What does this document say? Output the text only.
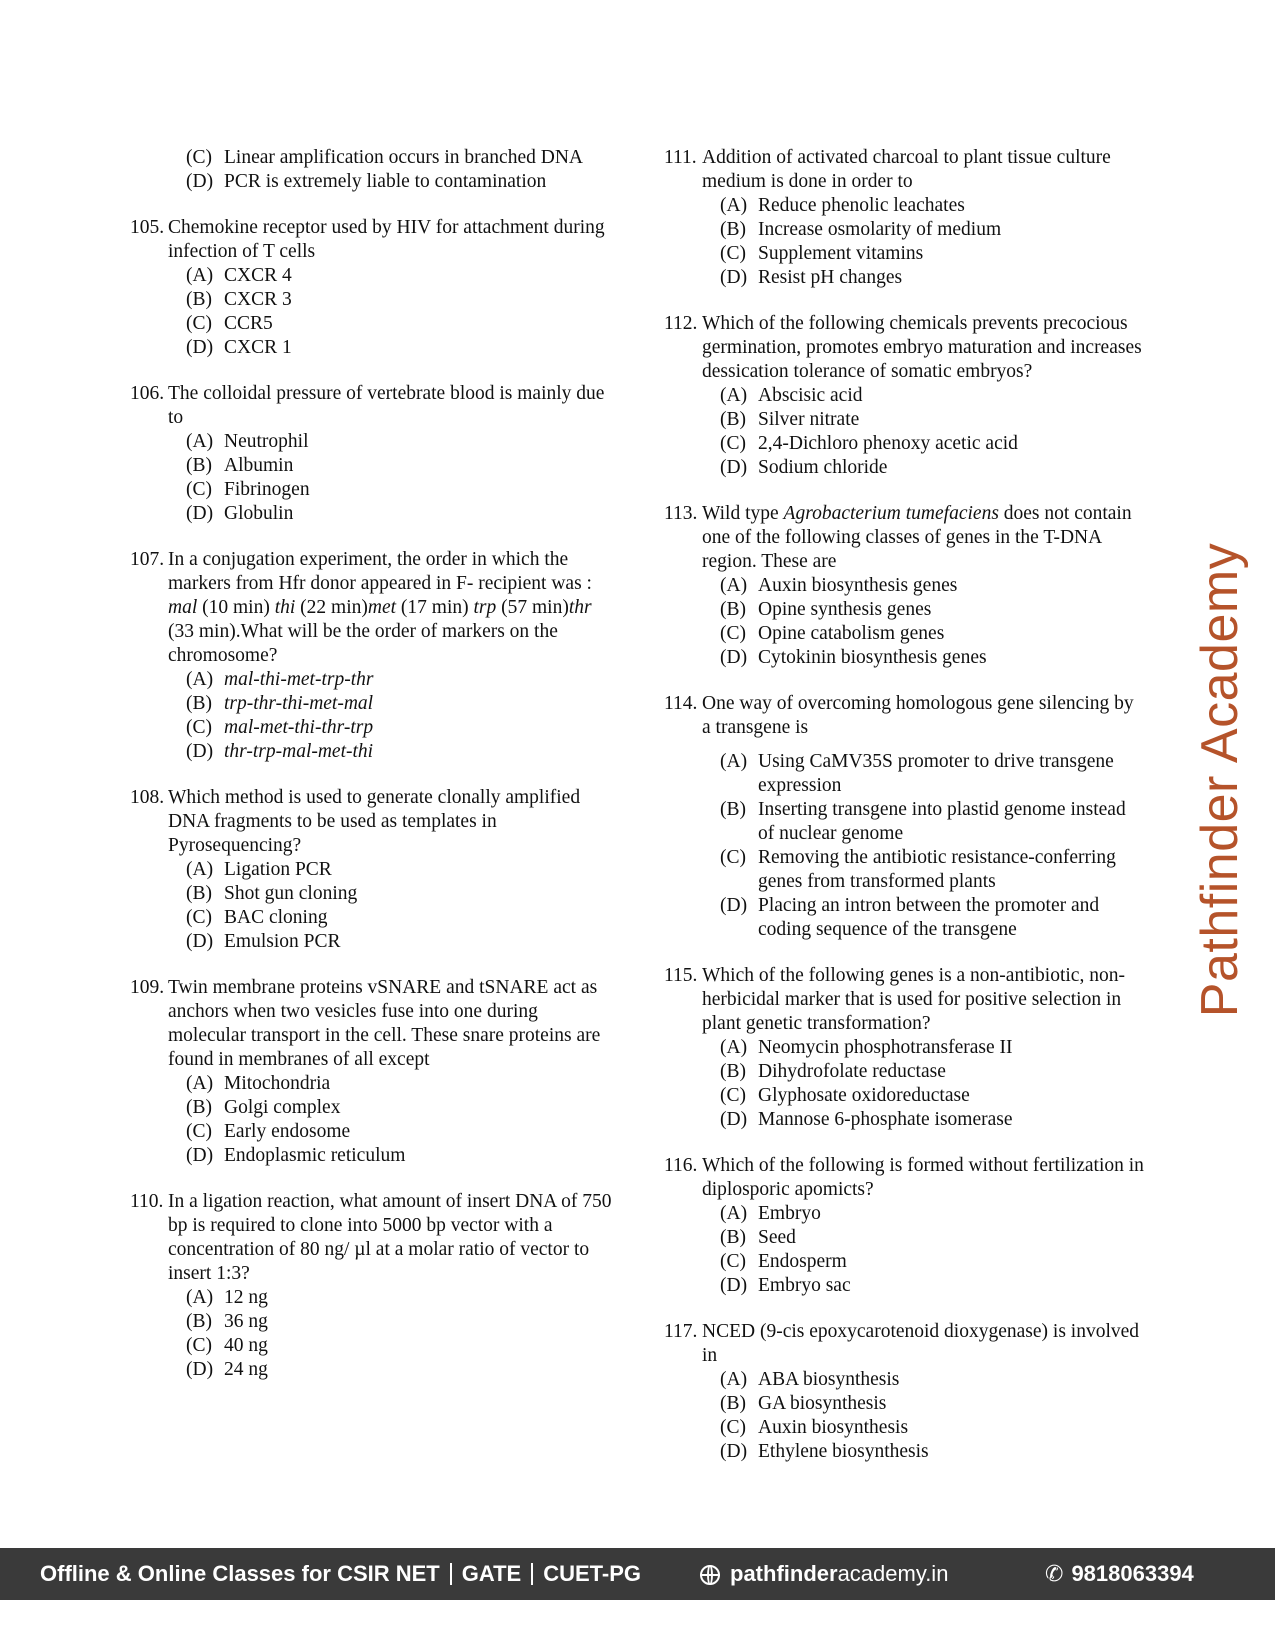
(C) Linear amplification occurs in branched DNA
(D) PCR is extremely liable to contamination
105. Chemokine receptor used by HIV for attachment during infection of T cells
(A) CXCR 4
(B) CXCR 3
(C) CCR5
(D) CXCR 1
106. The colloidal pressure of vertebrate blood is mainly due to
(A) Neutrophil
(B) Albumin
(C) Fibrinogen
(D) Globulin
107. In a conjugation experiment, the order in which the markers from Hfr donor appeared in F- recipient was : mal (10 min) thi (22 min)met (17 min) trp (57 min)thr (33 min).What will be the order of markers on the chromosome?
(A) mal-thi-met-trp-thr
(B) trp-thr-thi-met-mal
(C) mal-met-thi-thr-trp
(D) thr-trp-mal-met-thi
108. Which method is used to generate clonally amplified DNA fragments to be used as templates in Pyrosequencing?
(A) Ligation PCR
(B) Shot gun cloning
(C) BAC cloning
(D) Emulsion PCR
109. Twin membrane proteins vSNARE and tSNARE act as anchors when two vesicles fuse into one during molecular transport in the cell. These snare proteins are found in membranes of all except
(A) Mitochondria
(B) Golgi complex
(C) Early endosome
(D) Endoplasmic reticulum
110. In a ligation reaction, what amount of insert DNA of 750 bp is required to clone into 5000 bp vector with a concentration of 80 ng/ µl at a molar ratio of vector to insert 1:3?
(A) 12 ng
(B) 36 ng
(C) 40 ng
(D) 24 ng
111. Addition of activated charcoal to plant tissue culture medium is done in order to
(A) Reduce phenolic leachates
(B) Increase osmolarity of medium
(C) Supplement vitamins
(D) Resist pH changes
112. Which of the following chemicals prevents precocious germination, promotes embryo maturation and increases dessication tolerance of somatic embryos?
(A) Abscisic acid
(B) Silver nitrate
(C) 2,4-Dichloro phenoxy acetic acid
(D) Sodium chloride
113. Wild type Agrobacterium tumefaciens does not contain one of the following classes of genes in the T-DNA region. These are
(A) Auxin biosynthesis genes
(B) Opine synthesis genes
(C) Opine catabolism genes
(D) Cytokinin biosynthesis genes
114. One way of overcoming homologous gene silencing by a transgene is
(A) Using CaMV35S promoter to drive transgene expression
(B) Inserting transgene into plastid genome instead of nuclear genome
(C) Removing the antibiotic resistance-conferring genes from transformed plants
(D) Placing an intron between the promoter and coding sequence of the transgene
115. Which of the following genes is a non-antibiotic, non-herbicidal marker that is used for positive selection in plant genetic transformation?
(A) Neomycin phosphotransferase II
(B) Dihydrofolate reductase
(C) Glyphosate oxidoreductase
(D) Mannose 6-phosphate isomerase
116. Which of the following is formed without fertilization in diplosporic apomicts?
(A) Embryo
(B) Seed
(C) Endosperm
(D) Embryo sac
117. NCED (9-cis epoxycarotenoid dioxygenase) is involved in
(A) ABA biosynthesis
(B) GA biosynthesis
(C) Auxin biosynthesis
(D) Ethylene biosynthesis
Pathfinder Academy
Offline & Online Classes for CSIR NET GATE CUET-PG	pathfinderacademy.in	✆ 9818063394
